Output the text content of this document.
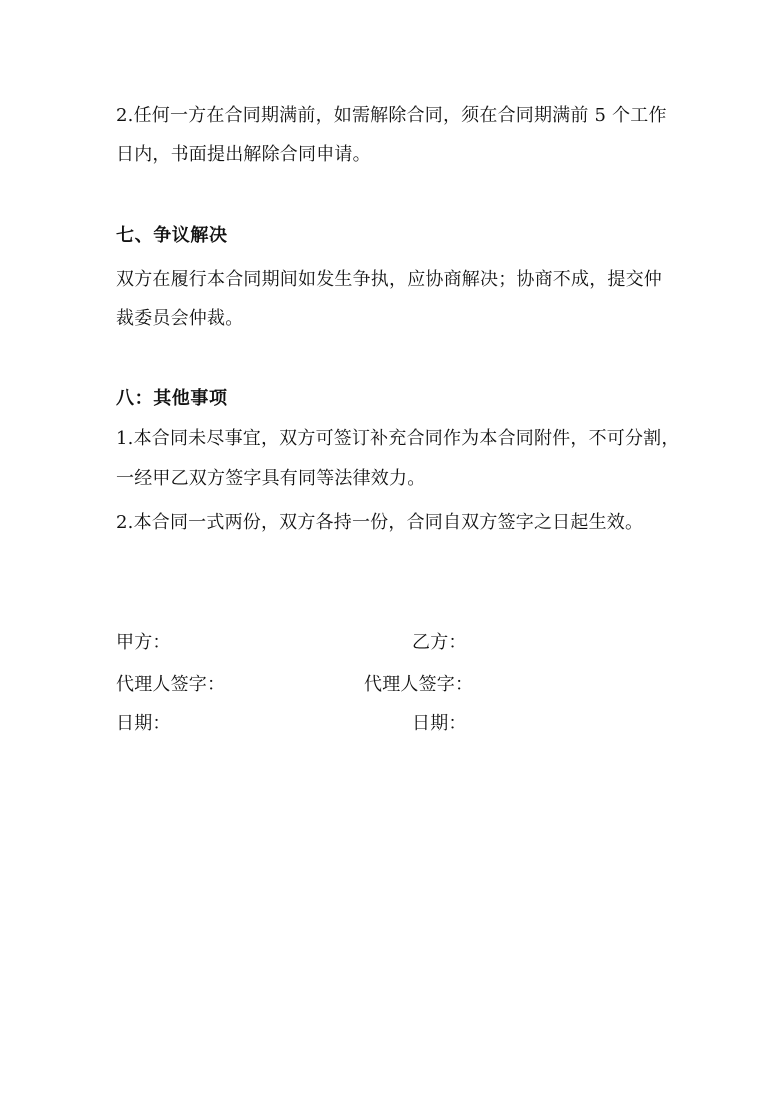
2.任何一方在合同期满前，如需解除合同，须在合同期满前 5 个工作
日内，书面提出解除合同申请。
七、争议解决
双方在履行本合同期间如发生争执，应协商解决；协商不成，提交仲
裁委员会仲裁。
八：其他事项
1.本合同未尽事宜，双方可签订补充合同作为本合同附件，不可分割，
一经甲乙双方签字具有同等法律效力。
2.本合同一式两份，双方各持一份，合同自双方签字之日起生效。
甲方：	乙方：
代理人签字：	代理人签字：
日期：	日期：
